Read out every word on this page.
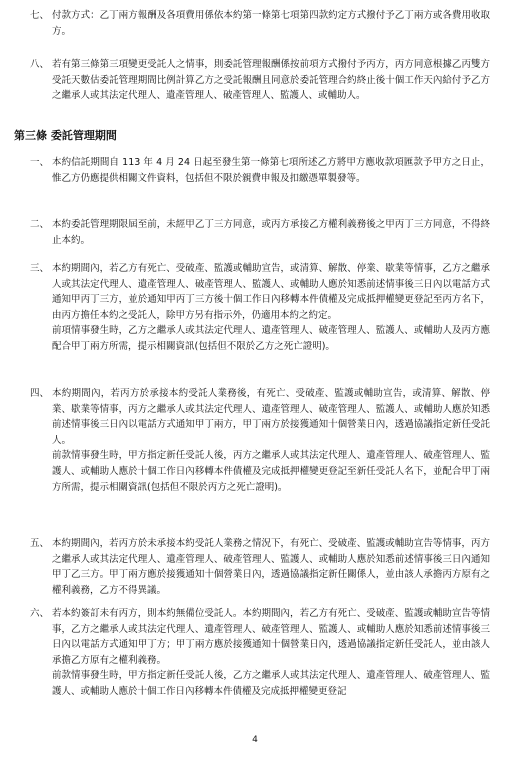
七、 付款方式：乙丁兩方報酬及各項費用係依本約第一條第七項第四款約定方式撥付予乙丁兩方或各費用收取方。
八、 若有第三條第三項變更受託人之情事，則委託管理報酬係按前項方式撥付予丙方，丙方同意根據乙丙雙方受託天數估委託管理期間比例計算乙方之受託報酬且同意於委託管理合約終止後十個工作天內給付予乙方之繼承人或其法定代理人、遺產管理人、破產管理人、監護人、或輔助人。
第三條 委託管理期間
一、 本約信託期間自 113 年 4 月 24 日起至發生第一條第七項所述乙方將甲方應收款項匯款予甲方之日止，惟乙方仍應提供相關文件資料，包括但不限於親費申報及扣繳憑單製發等。
二、 本約委託管理期限屆至前，未經甲乙丁三方同意，或丙方承接乙方權利義務後之甲丙丁三方同意，不得終止本約。
三、 本約期間內，若乙方有死亡、受破產、監護或輔助宣告，或清算、解散、停業、歇業等情事，乙方之繼承人或其法定代理人、遺產管理人、破產管理人、監護人、或輔助人應於知悉前述情事後三日內以電話方式通知甲丙丁三方，並於通知甲丙丁三方後十個工作日內移轉本件債權及完成抵押權變更登記至丙方名下，由丙方擔任本約之受託人，除甲方另有指示外，仍適用本約之約定。
前項情事發生時，乙方之繼承人或其法定代理人、遺產管理人、破產管理人、監護人、或輔助人及丙方應配合甲丁兩方所需，提示相關資訊(包括但不限於乙方之死亡證明)。
四、 本約期間內，若丙方於承接本約受託人業務後，有死亡、受破產、監護或輔助宣告，或清算、解散、停業、歇業等情事，丙方之繼承人或其法定代理人、遺產管理人、破產管理人、監護人、或輔助人應於知悉前述情事後三日內以電話方式通知甲丁兩方，甲丁兩方於接獲通知十個營業日內，透過協議指定新任受託人。
前款情事發生時，甲方指定新任受託人後，丙方之繼承人或其法定代理人、遺產管理人、破產管理人、監護人、或輔助人應於十個工作日內移轉本件債權及完成抵押權變更登記至新任受託人名下，並配合甲丁兩方所需，提示相關資訊(包括但不限於丙方之死亡證明)。
五、 本約期間內，若丙方於未承接本約受託人業務之情況下，有死亡、受破產、監護或輔助宣告等情事，丙方之繼承人或其法定代理人、遺產管理人、破產管理人、監護人、或輔助人應於知悉前述情事後三日內通知甲丁乙三方。甲丁兩方應於接獲通知十個營業日內，透過協議指定新任關係人，並由該人承擔丙方原有之權利義務，乙方不得異議。
六、 若本約簽訂未有丙方，則本約無備位受託人。本約期間內，若乙方有死亡、受破產、監護或輔助宣告等情事，乙方之繼承人或其法定代理人、遺產管理人、破產管理人、監護人、或輔助人應於知悉前述情事後三日內以電話方式通知甲丁方；甲丁兩方應於接獲通知十個營業日內，透過協議指定新任受託人，並由該人承擔乙方原有之權利義務。
前款情事發生時，甲方指定新任受託人後，乙方之繼承人或其法定代理人、遺產管理人、破產管理人、監護人、或輔助人應於十個工作日內移轉本件債權及完成抵押權變更登記
4
